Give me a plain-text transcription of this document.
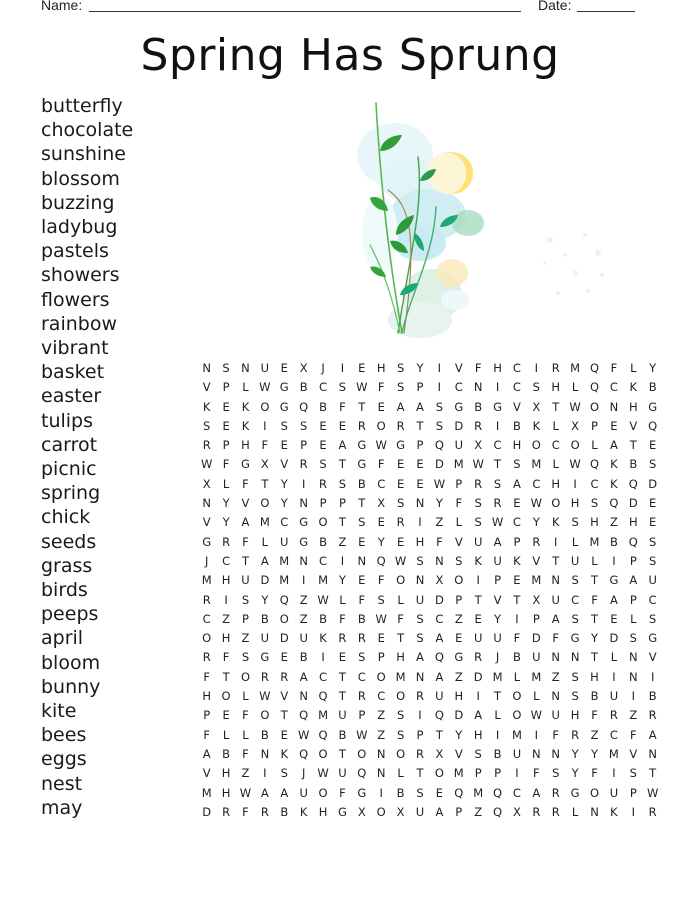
Name:	Date:
Spring Has Sprung
butterfly
chocolate
sunshine
blossom
buzzing
ladybug
pastels
showers
flowers
rainbow
vibrant
basket
easter
tulips
carrot
picnic
spring
chick
seeds
grass
birds
peeps
april
bloom
bunny
kite
bees
eggs
nest
may
N S N U	E	X	J	I	E H S	Y	I	V	F	H C	I	R M Q	F	L	Y
V	P	L W G B C	S W F	S	P	I	C N	I	C	S H	L	Q C	K	B
K	E	K O G Q B	F	T	E	A	A	S G B G V	X	T W O N H G
S	E	K	I	S	S	E	E	R O R	T	S D R	I	B	K	L	X	P	E	V Q
R	P	H	F	E	P	E	A G W G P Q U X C H O C O	L	A	T	E
W F	G X	V R	S	T G	F	E	E D M W T	S M L W Q K	B	S
X	L	F	T	Y	I	R	S	B C	E	E W P	R	S	A C H	I	C	K Q D
N	Y	V O Y	N	P	P	T	X	S N	Y	F	S	R	E W O H S Q D E
V	Y	A M C G O T	S	E	R	I	Z	L	S W C	Y	K	S H Z H E
G R	F	L	U G B	Z	E	Y	E H	F	V U A	P	R	I	L M B Q S
J	C	T	A M N C	I	N Q W S N S	K U K	V	T	U	L	I	P	S
M H U D M	I	M Y	E	F	O N X O	I	P	E M N S	T G A U
R	I	S	Y Q Z W L	F	S	L	U D P	T	V	T	X U C	F	A	P	C
C Z	P	B O Z	B	F	B W F	S	C Z	E	Y	I	P	A	S	T	E	L	S
O H Z U D U K	R R	E	T	S	A	E	U U	F	D	F	G Y D S G
R	F	S G E	B	I	E	S	P	H A Q G R	J	B U N N	T	L	N V
F	T O R R A C	T	C O M N A	Z D M L M Z	S H	I	N	I
H O	L W V N Q T	R C O R U H	I	T O	L	N S	B U	I	B
P	E	F	O T Q M U	P	Z	S	I	Q D A	L	O W U H	F	R Z R
F	L	L	B	E W Q B W Z	S	P	T	Y	H	I	M	I	F	R Z C	F	A
A	B	F	N K Q O T O N O R X	V	S	B U N N	Y	Y M V N
V H Z	I	S	J	W U Q N	L	T O M P	P	I	F	S	Y	F	I	S	T
M H W A	A U O	F	G	I	B	S	E Q M Q C A R G O U	P W
D R	F	R B	K H G X O X U A	P	Z Q X R R	L	N K	I	R
